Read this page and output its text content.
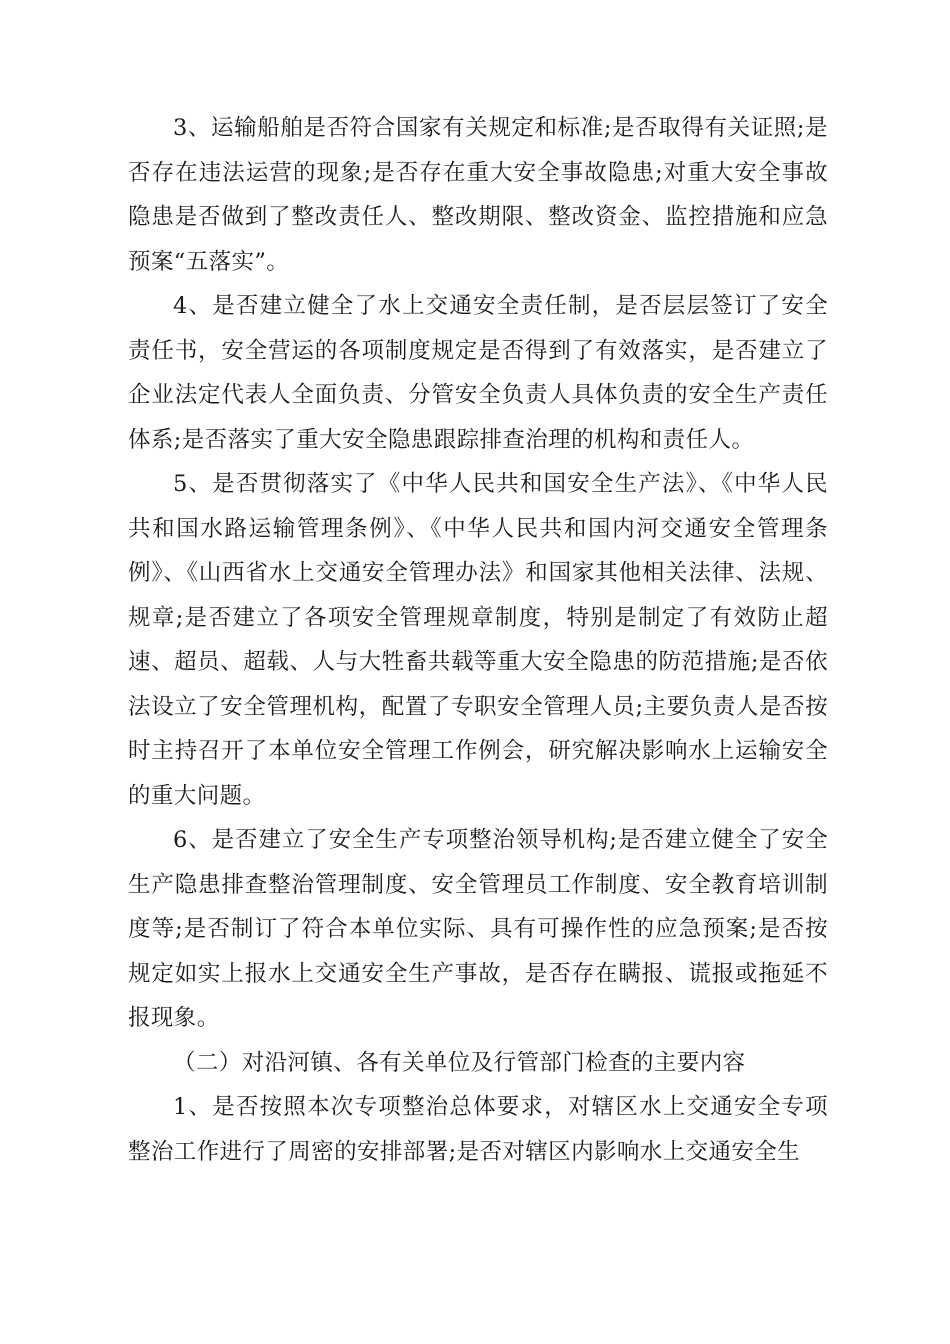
3、运输船舶是否符合国家有关规定和标准;是否取得有关证照;是否存在违法运营的现象;是否存在重大安全事故隐患;对重大安全事故隐患是否做到了整改责任人、整改期限、整改资金、监控措施和应急预案“五落实”。

4、是否建立健全了水上交通安全责任制，是否层层签订了安全责任书，安全营运的各项制度规定是否得到了有效落实，是否建立了企业法定代表人全面负责、分管安全负责人具体负责的安全生产责任体系;是否落实了重大安全隐患跟踪排查治理的机构和责任人。

5、是否贯彻落实了《中华人民共和国安全生产法》、《中华人民共和国水路运输管理条例》、《中华人民共和国内河交通安全管理条例》、《山西省水上交通安全管理办法》和国家其他相关法律、法规、规章;是否建立了各项安全管理规章制度，特别是制定了有效防止超速、超员、超载、人与大牲畜共载等重大安全隐患的防范措施;是否依法设立了安全管理机构，配置了专职安全管理人员;主要负责人是否按时主持召开了本单位安全管理工作例会，研究解决影响水上运输安全的重大问题。

6、是否建立了安全生产专项整治领导机构;是否建立健全了安全生产隐患排查整治管理制度、安全管理员工作制度、安全教育培训制度等;是否制订了符合本单位实际、具有可操作性的应急预案;是否按规定如实上报水上交通安全生产事故，是否存在瞒报、谎报或拖延不报现象。

（二）对沿河镇、各有关单位及行管部门检查的主要内容

1、是否按照本次专项整治总体要求，对辖区水上交通安全专项整治工作进行了周密的安排部署;是否对辖区内影响水上交通安全生
